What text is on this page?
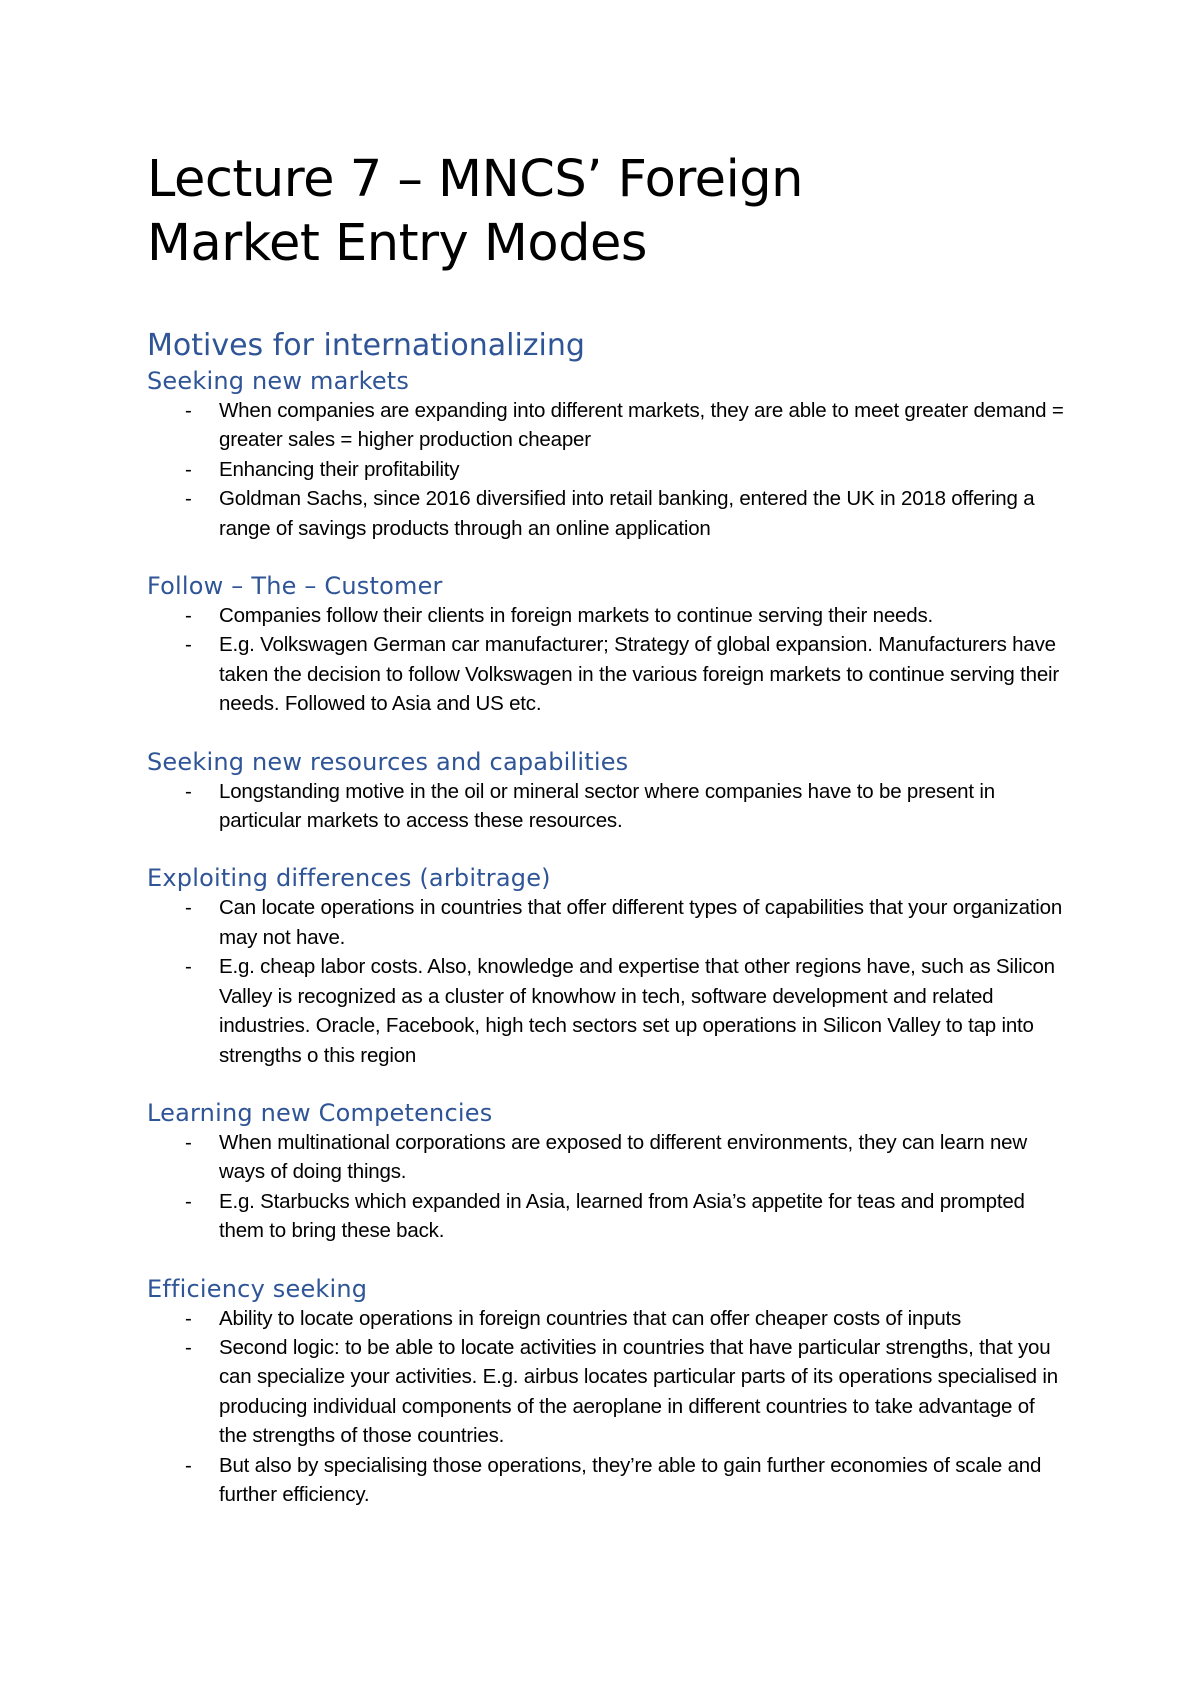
Lecture 7 – MNCS’ Foreign
Market Entry Modes
Motives for internationalizing
Seeking new markets
- When companies are expanding into different markets, they are able to meet greater demand = greater sales = higher production cheaper
- Enhancing their profitability
- Goldman Sachs, since 2016 diversified into retail banking, entered the UK in 2018 offering a range of savings products through an online application
Follow – The – Customer
- Companies follow their clients in foreign markets to continue serving their needs.
- E.g. Volkswagen German car manufacturer; Strategy of global expansion. Manufacturers have taken the decision to follow Volkswagen in the various foreign markets to continue serving their needs. Followed to Asia and US etc.
Seeking new resources and capabilities
- Longstanding motive in the oil or mineral sector where companies have to be present in particular markets to access these resources.
Exploiting differences (arbitrage)
- Can locate operations in countries that offer different types of capabilities that your organization may not have.
- E.g. cheap labor costs. Also, knowledge and expertise that other regions have, such as Silicon Valley is recognized as a cluster of knowhow in tech, software development and related industries. Oracle, Facebook, high tech sectors set up operations in Silicon Valley to tap into strengths o this region
Learning new Competencies
- When multinational corporations are exposed to different environments, they can learn new ways of doing things.
- E.g. Starbucks which expanded in Asia, learned from Asia’s appetite for teas and prompted them to bring these back.
Efficiency seeking
- Ability to locate operations in foreign countries that can offer cheaper costs of inputs
- Second logic: to be able to locate activities in countries that have particular strengths, that you can specialize your activities. E.g. airbus locates particular parts of its operations specialised in producing individual components of the aeroplane in different countries to take advantage of the strengths of those countries.
- But also by specialising those operations, they’re able to gain further economies of scale and further efficiency.
